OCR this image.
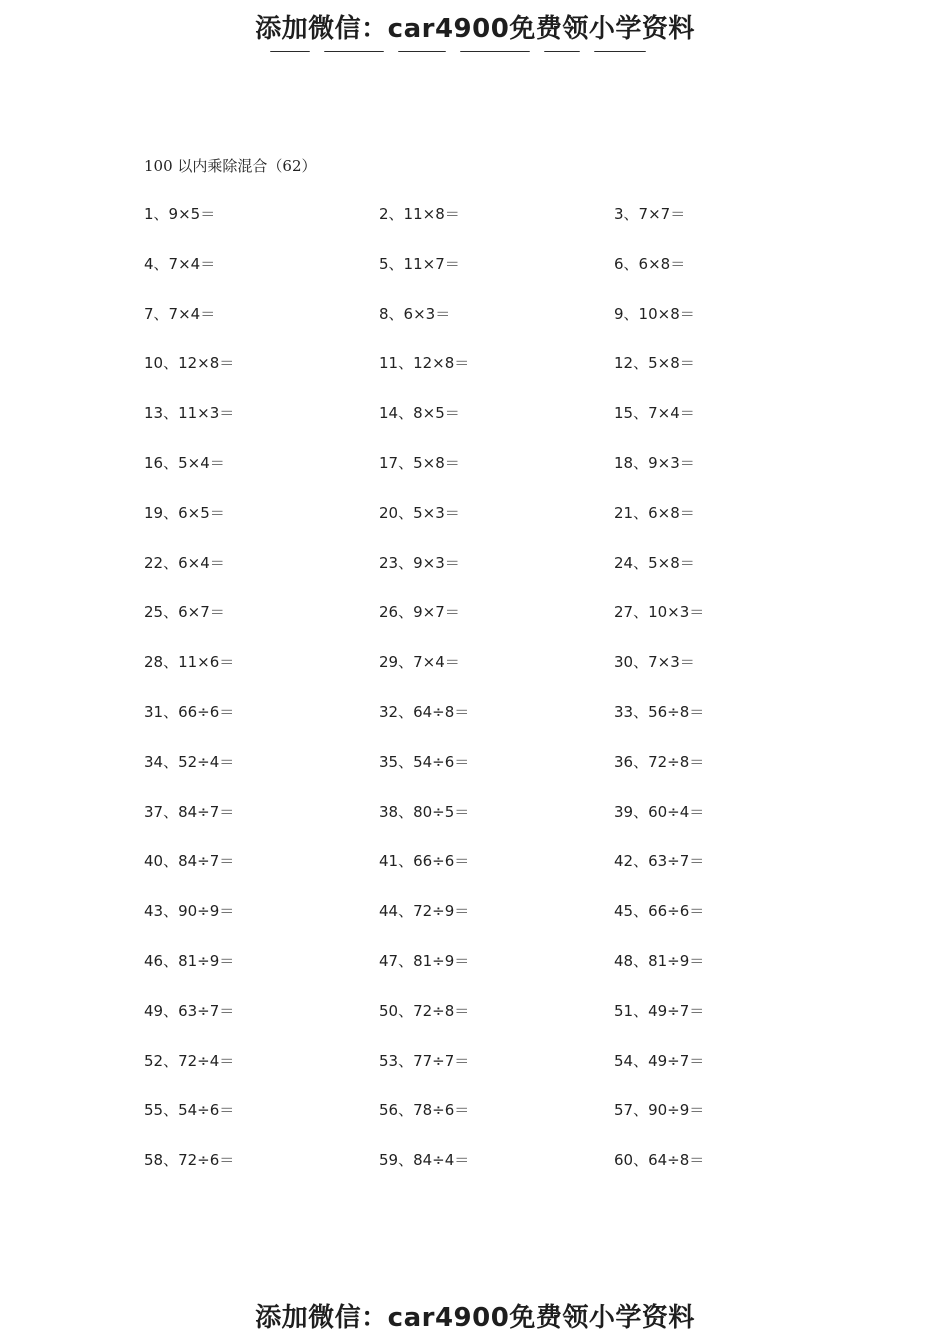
添加微信：car4900免费领小学资料
100 以内乘除混合（62）
1、9×5＝	2、11×8＝	3、7×7＝
4、7×4＝	5、11×7＝	6、6×8＝
7、7×4＝	8、6×3＝	9、10×8＝
10、12×8＝	11、12×8＝	12、5×8＝
13、11×3＝	14、8×5＝	15、7×4＝
16、5×4＝	17、5×8＝	18、9×3＝
19、6×5＝	20、5×3＝	21、6×8＝
22、6×4＝	23、9×3＝	24、5×8＝
25、6×7＝	26、9×7＝	27、10×3＝
28、11×6＝	29、7×4＝	30、7×3＝
31、66÷6＝	32、64÷8＝	33、56÷8＝
34、52÷4＝	35、54÷6＝	36、72÷8＝
37、84÷7＝	38、80÷5＝	39、60÷4＝
40、84÷7＝	41、66÷6＝	42、63÷7＝
43、90÷9＝	44、72÷9＝	45、66÷6＝
46、81÷9＝	47、81÷9＝	48、81÷9＝
49、63÷7＝	50、72÷8＝	51、49÷7＝
52、72÷4＝	53、77÷7＝	54、49÷7＝
55、54÷6＝	56、78÷6＝	57、90÷9＝
58、72÷6＝	59、84÷4＝	60、64÷8＝
添加微信：car4900免费领小学资料
